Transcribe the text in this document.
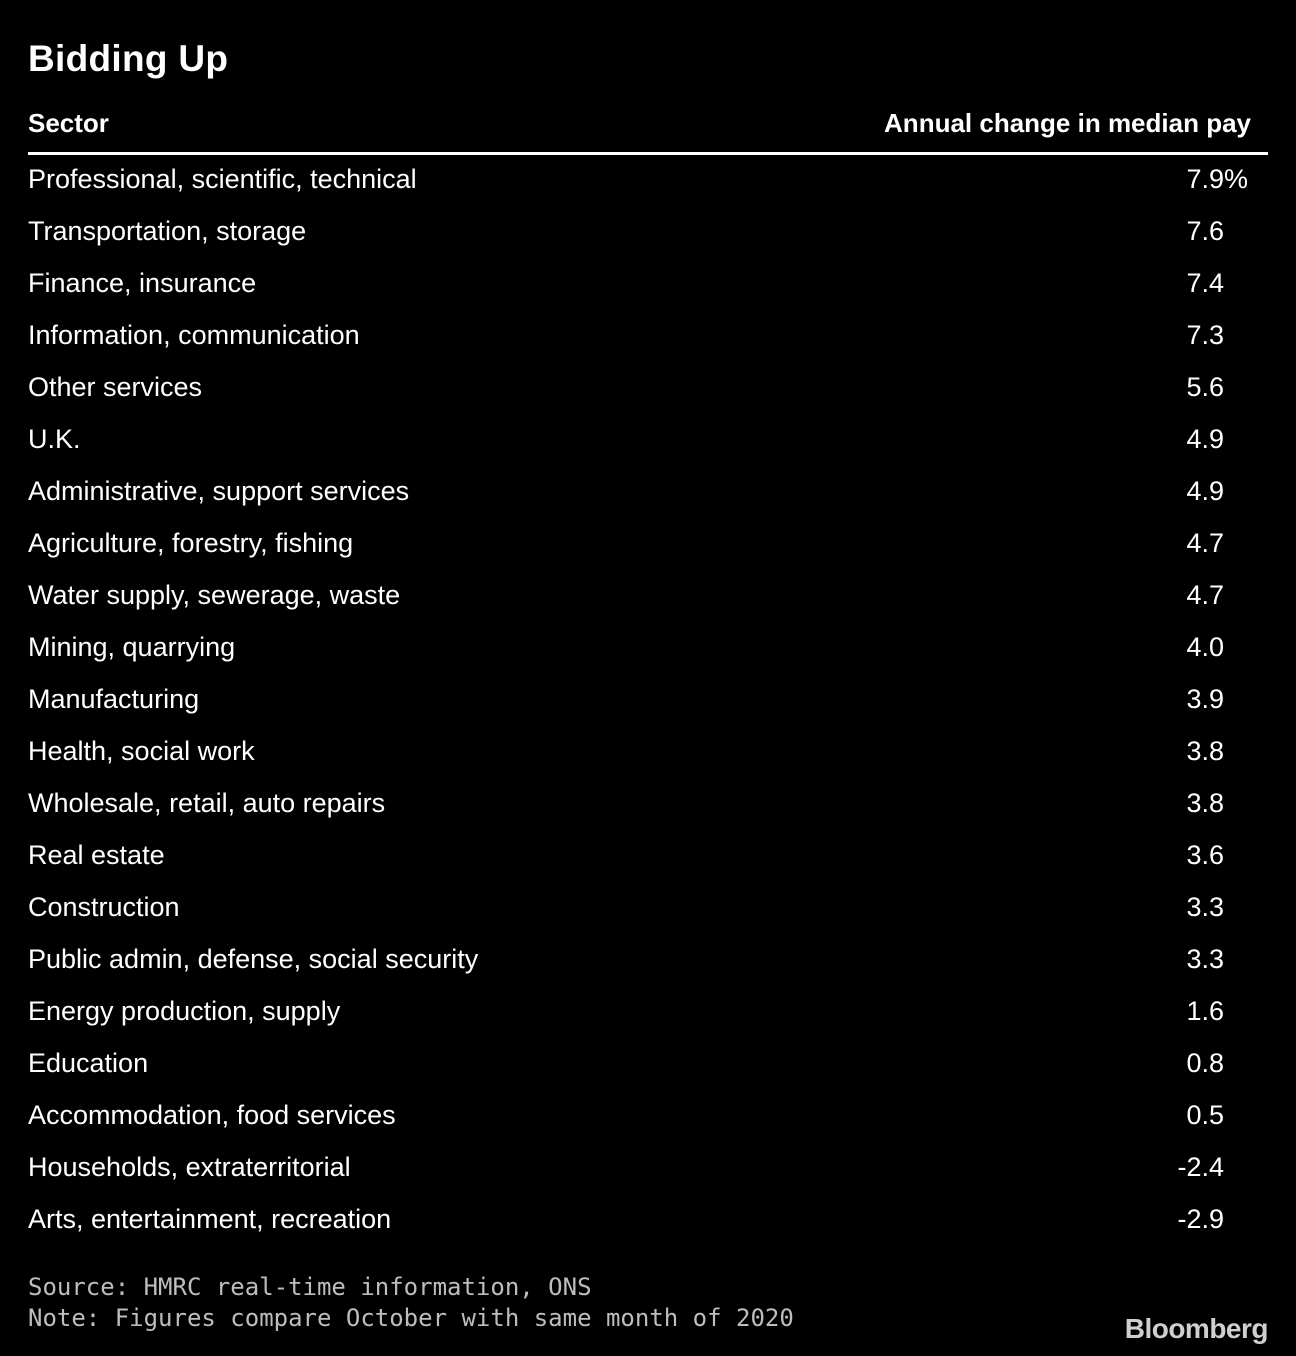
Bidding Up
Sector	Annual change in median pay
Professional, scientific, technical	7.9%
Transportation, storage	7.6
Finance, insurance	7.4
Information, communication	7.3
Other services	5.6
U.K.	4.9
Administrative, support services	4.9
Agriculture, forestry, fishing	4.7
Water supply, sewerage, waste	4.7
Mining, quarrying	4.0
Manufacturing	3.9
Health, social work	3.8
Wholesale, retail, auto repairs	3.8
Real estate	3.6
Construction	3.3
Public admin, defense, social security	3.3
Energy production, supply	1.6
Education	0.8
Accommodation, food services	0.5
Households, extraterritorial	-2.4
Arts, entertainment, recreation	-2.9
Source: HMRC real-time information, ONS
Note: Figures compare October with same month of 2020	Bloomberg
